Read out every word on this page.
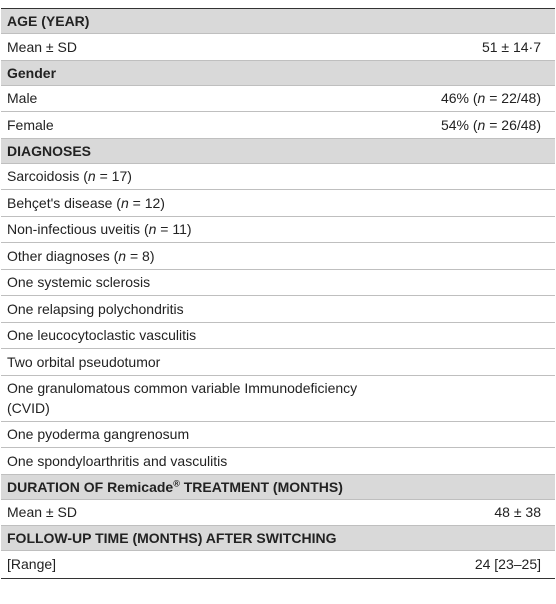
AGE (YEAR)
Mean ± SD	51 ± 14·7
Gender
Male	46% (n = 22/48)
Female	54% (n = 26/48)
DIAGNOSES
Sarcoidosis (n = 17)
Behçet's disease (n = 12)
Non-infectious uveitis (n = 11)
Other diagnoses (n = 8)
One systemic sclerosis
One relapsing polychondritis
One leucocytoclastic vasculitis
Two orbital pseudotumor
One granulomatous common variable Immunodeficiency (CVID)
One pyoderma gangrenosum
One spondyloarthritis and vasculitis
DURATION OF Remicade® TREATMENT (MONTHS)
Mean ± SD	48 ± 38
FOLLOW-UP TIME (MONTHS) AFTER SWITCHING
[Range]	24 [23–25]
